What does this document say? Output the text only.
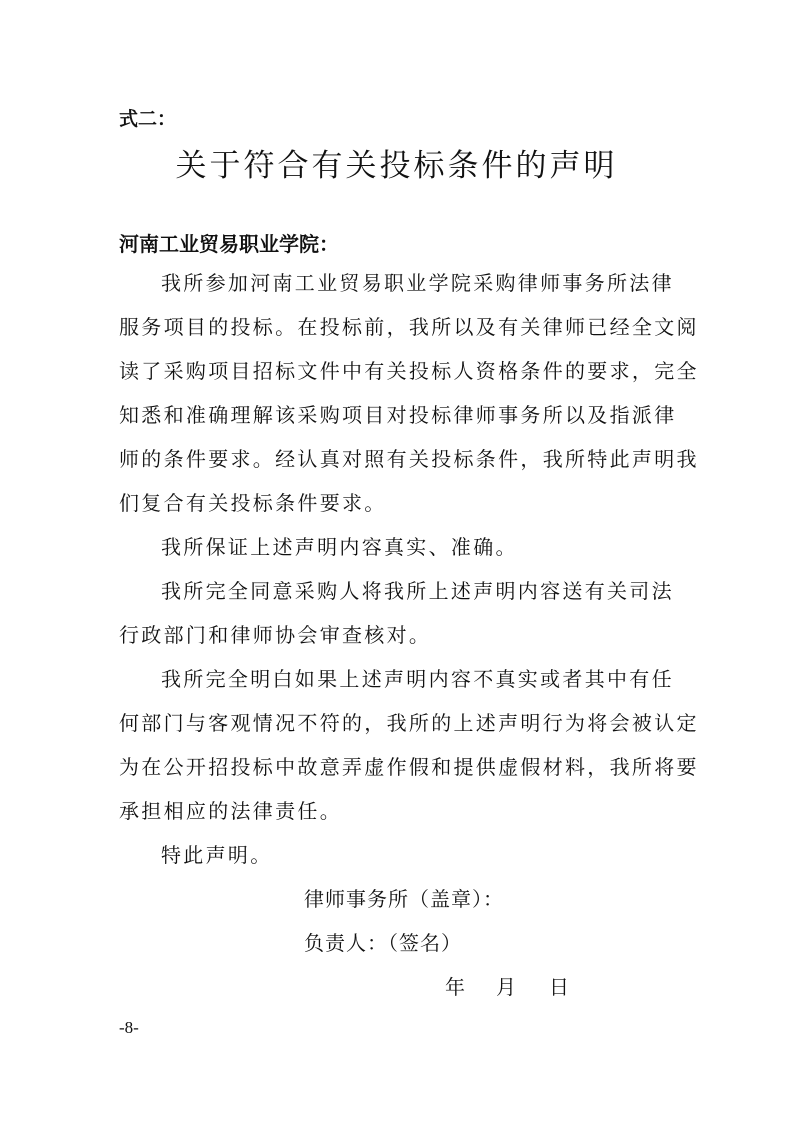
式二：
关于符合有关投标条件的声明
河南工业贸易职业学院：
我所参加河南工业贸易职业学院采购律师事务所法律
服务项目的投标。在投标前，我所以及有关律师已经全文阅
读了采购项目招标文件中有关投标人资格条件的要求，完全
知悉和准确理解该采购项目对投标律师事务所以及指派律
师的条件要求。经认真对照有关投标条件，我所特此声明我
们复合有关投标条件要求。
我所保证上述声明内容真实、准确。
我所完全同意采购人将我所上述声明内容送有关司法
行政部门和律师协会审查核对。
我所完全明白如果上述声明内容不真实或者其中有任
何部门与客观情况不符的，我所的上述声明行为将会被认定
为在公开招投标中故意弄虚作假和提供虚假材料，我所将要
承担相应的法律责任。
特此声明。
律师事务所（盖章）：
负责人：（签名）
年 月 日
-8-
